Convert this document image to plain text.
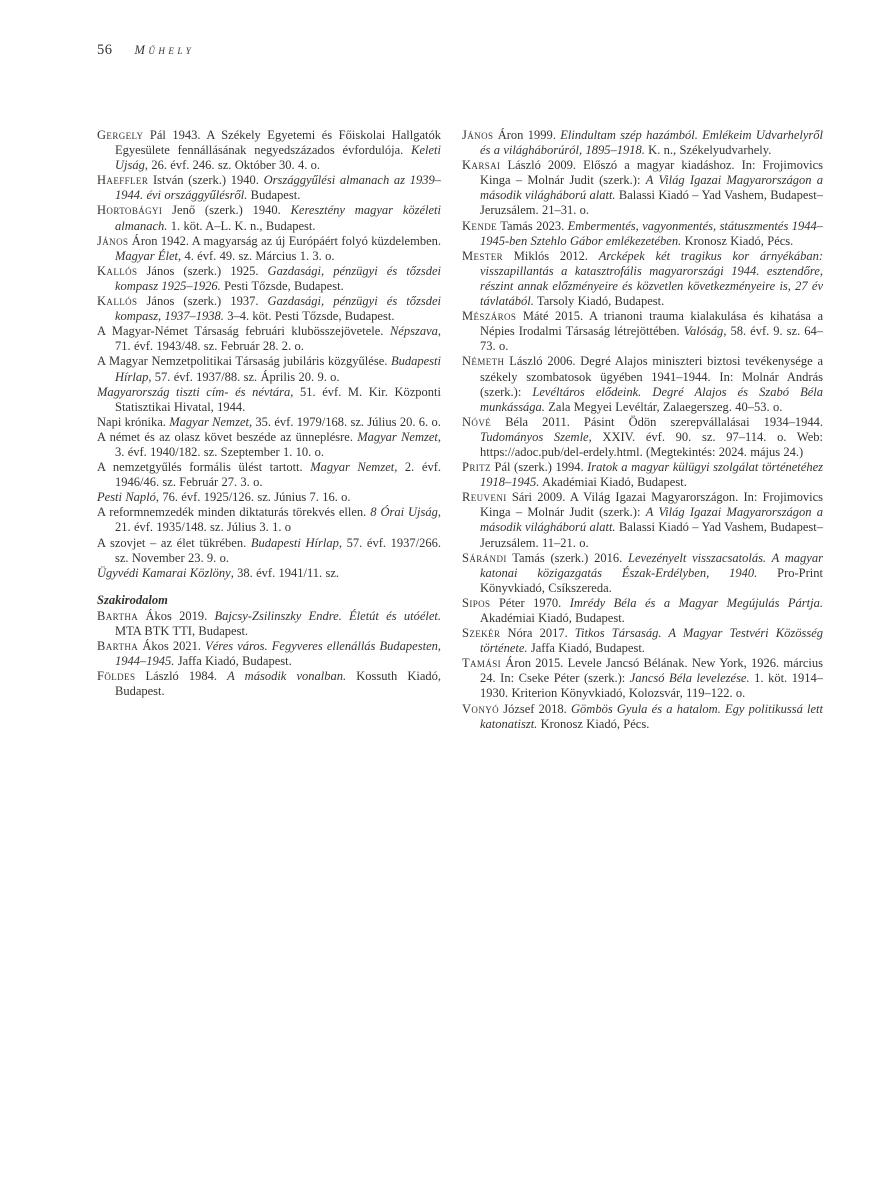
56 Műhely

Gergely Pál 1943. A Székely Egyetemi és Főiskolai Hallgatók Egyesülete fennállásának negyedszázados évfordulója. Keleti Ujság, 26. évf. 246. sz. Október 30. 4. o.

Haeffler István (szerk.) 1940. Országgyűlési almanach az 1939–1944. évi országgyűlésről. Budapest.

Hortobágyi Jenő (szerk.) 1940. Keresztény magyar közéleti almanach. 1. köt. A–L. K. n., Budapest.

János Áron 1942. A magyarság az új Európáért folyó küzdelemben. Magyar Élet, 4. évf. 49. sz. Március 1. 3. o.

Kallós János (szerk.) 1925. Gazdasági, pénzügyi és tőzsdei kompasz 1925–1926. Pesti Tőzsde, Budapest.

Kallós János (szerk.) 1937. Gazdasági, pénzügyi és tőzsdei kompasz, 1937–1938. 3–4. köt. Pesti Tőzsde, Budapest.

A Magyar-Német Társaság februári klubösszejövetele. Népszava, 71. évf. 1943/48. sz. Február 28. 2. o.

A Magyar Nemzetpolitikai Társaság jubiláris közgyűlése. Budapesti Hírlap, 57. évf. 1937/88. sz. Április 20. 9. o.

Magyarország tiszti cím- és névtára, 51. évf. M. Kir. Központi Statisztikai Hivatal, 1944.

Napi krónika. Magyar Nemzet, 35. évf. 1979/168. sz. Július 20. 6. o.

A német és az olasz követ beszéde az ünneplésre. Magyar Nemzet, 3. évf. 1940/182. sz. Szeptember 1. 10. o.

A nemzetgyűlés formális ülést tartott. Magyar Nemzet, 2. évf. 1946/46. sz. Február 27. 3. o.

Pesti Napló, 76. évf. 1925/126. sz. Június 7. 16. o.

A reformnemzedék minden diktaturás törekvés ellen. 8 Órai Ujság, 21. évf. 1935/148. sz. Július 3. 1. o

A szovjet – az élet tükrében. Budapesti Hírlap, 57. évf. 1937/266. sz. November 23. 9. o.

Ügyvédi Kamarai Közlöny, 38. évf. 1941/11. sz.

Szakirodalom

Bartha Ákos 2019. Bajcsy-Zsilinszky Endre. Életút és utóélet. MTA BTK TTI, Budapest.

Bartha Ákos 2021. Véres város. Fegyveres ellenállás Budapesten, 1944–1945. Jaffa Kiadó, Budapest.

Földes László 1984. A második vonalban. Kossuth Kiadó, Budapest.

János Áron 1999. Elindultam szép hazámból. Emlékeim Udvarhelyről és a világháborúról, 1895–1918. K. n., Székelyudvarhely.

Karsai László 2009. Előszó a magyar kiadáshoz. In: Frojimovics Kinga – Molnár Judit (szerk.): A Világ Igazai Magyarországon a második világháború alatt. Balassi Kiadó – Yad Vashem, Budapest–Jeruzsálem. 21–31. o.

Kende Tamás 2023. Embermentés, vagyonmentés, státuszmentés 1944–1945-ben Sztehlo Gábor emlékezetében. Kronosz Kiadó, Pécs.

Mester Miklós 2012. Arcképek két tragikus kor árnyékában: visszapillantás a katasztrofális magyarországi 1944. esztendőre, részint annak előzményeire és közvetlen következményeire is, 27 év távlatából. Tarsoly Kiadó, Budapest.

Mészáros Máté 2015. A trianoni trauma kialakulása és kihatása a Népies Irodalmi Társaság létrejöttében. Valóság, 58. évf. 9. sz. 64–73. o.

Németh László 2006. Degré Alajos miniszteri biztosi tevékenysége a székely szombatosok ügyében 1941–1944. In: Molnár András (szerk.): Levéltáros elődeink. Degré Alajos és Szabó Béla munkássága. Zala Megyei Levéltár, Zalaegerszeg. 40–53. o.

Nóvé Béla 2011. Pásint Ödön szerepvállalásai 1934–1944. Tudományos Szemle, XXIV. évf. 90. sz. 97–114. o. Web: https://adoc.pub/del-erdely.html. (Megtekintés: 2024. május 24.)

Pritz Pál (szerk.) 1994. Iratok a magyar külügyi szolgálat történetéhez 1918–1945. Akadémiai Kiadó, Budapest.

Reuveni Sári 2009. A Világ Igazai Magyarországon. In: Frojimovics Kinga – Molnár Judit (szerk.): A Világ Igazai Magyarországon a második világháború alatt. Balassi Kiadó – Yad Vashem, Budapest–Jeruzsálem. 11–21. o.

Sárándi Tamás (szerk.) 2016. Levezényelt visszacsatolás. A magyar katonai közigazgatás Észak-Erdélyben, 1940. Pro-Print Könyvkiadó, Csíkszereda.

Sipos Péter 1970. Imrédy Béla és a Magyar Megújulás Pártja. Akadémiai Kiadó, Budapest.

Szekér Nóra 2017. Titkos Társaság. A Magyar Testvéri Közösség története. Jaffa Kiadó, Budapest.

Tamási Áron 2015. Levele Jancsó Bélának. New York, 1926. március 24. In: Cseke Péter (szerk.): Jancsó Béla levelezése. 1. köt. 1914–1930. Kriterion Könyvkiadó, Kolozsvár, 119–122. o.

Vonyó József 2018. Gömbös Gyula és a hatalom. Egy politikussá lett katonatiszt. Kronosz Kiadó, Pécs.
